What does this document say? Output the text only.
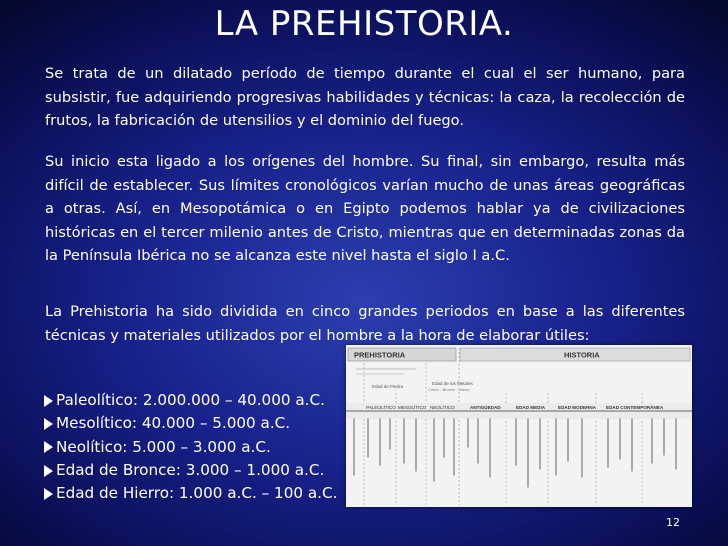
LA PREHISTORIA.
Se trata de un dilatado período de tiempo durante el cual el ser humano, para subsistir, fue adquiriendo progresivas habilidades y técnicas: la caza, la recolección de frutos, la fabricación de utensilios y el dominio del fuego.
Su inicio esta ligado a los orígenes del hombre. Su final, sin embargo, resulta más difícil de establecer. Sus límites cronológicos varían mucho de unas áreas geográficas a otras. Así, en Mesopotámica o en Egipto podemos hablar ya de civilizaciones históricas en el tercer milenio antes de Cristo, mientras que en determinadas zonas da la Península Ibérica no se alcanza este nivel hasta el siglo I a.C.
La Prehistoria ha sido dividida en cinco grandes periodos en base a las diferentes técnicas y materiales utilizados por el hombre a la hora de elaborar útiles:
Paleolítico: 2.000.000 – 40.000 a.C.
Mesolítico: 40.000 – 5.000 a.C.
Neolítico: 5.000 – 3.000 a.C.
Edad de Bronce: 3.000 – 1.000 a.C.
Edad de Hierro: 1.000 a.C. – 100 a.C.
PREHISTORIA	HISTORIA
Edad de Piedra
Edad de los Metales
Cobre - Bronce - Hierro
PALEOLÍTICO MESOLÍTICO NEOLÍTICO	ANTIGÜEDAD	EDAD MEDIA	EDAD MODERNA EDAD CONTEMPORÁNEA
12
